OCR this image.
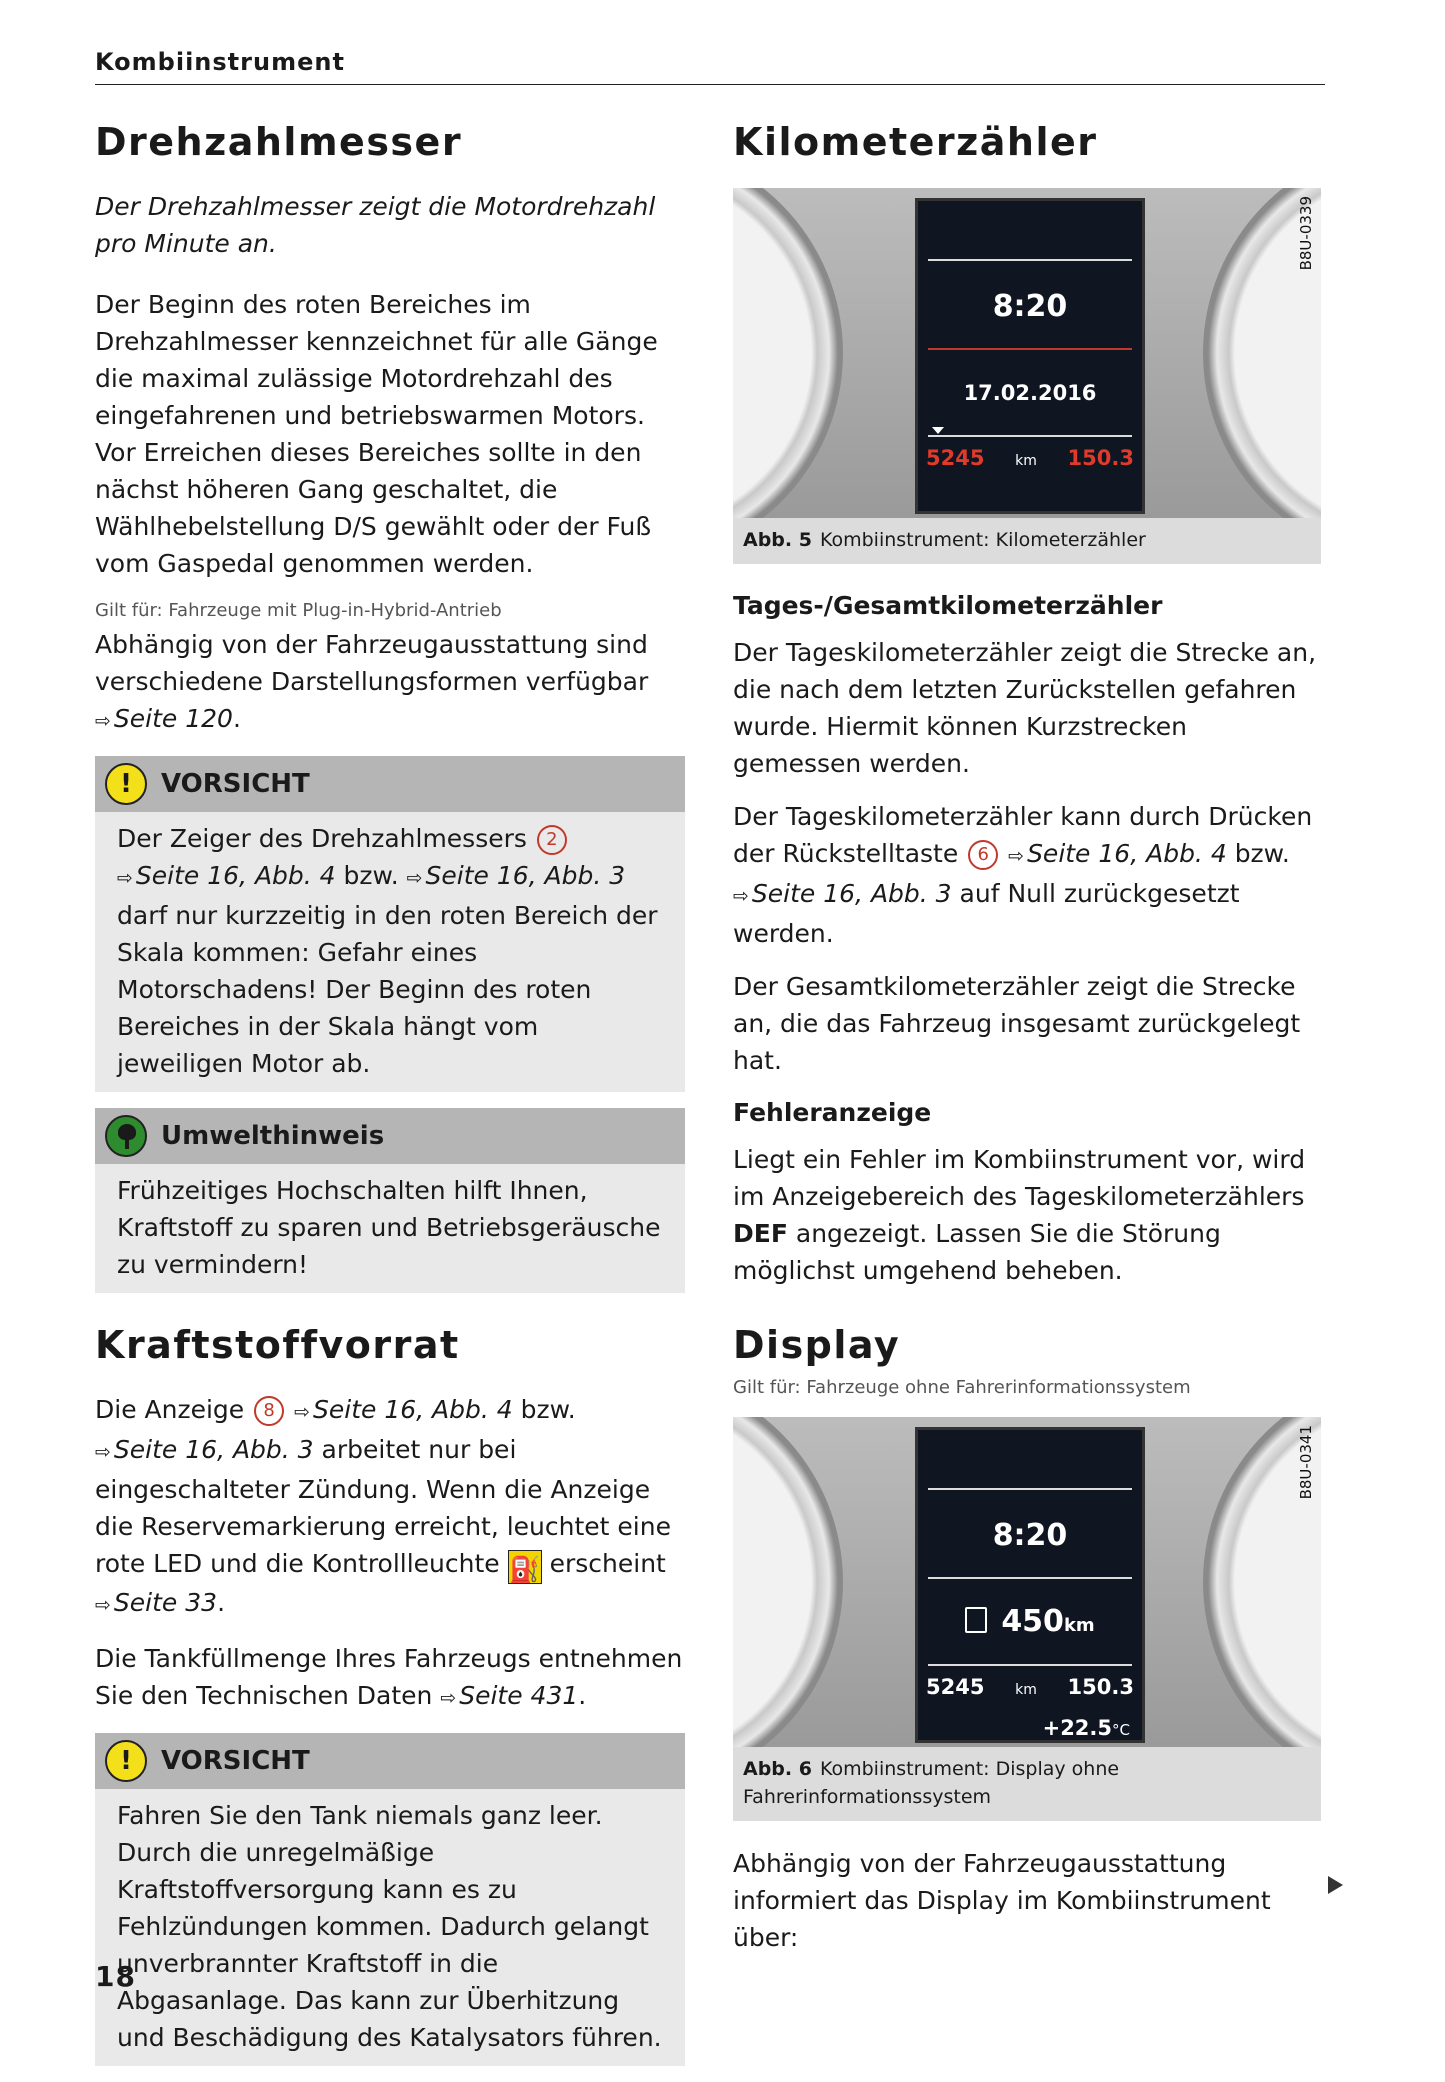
Kombiinstrument
Drehzahlmesser

Der Drehzahlmesser zeigt die Motordrehzahl pro Minute an.

Der Beginn des roten Bereiches im Drehzahlmesser kennzeichnet für alle Gänge die maximal zulässige Motordrehzahl des eingefahrenen und betriebswarmen Motors. Vor Erreichen dieses Bereiches sollte in den nächst höheren Gang geschaltet, die Wählhebelstellung D/S gewählt oder der Fuß vom Gaspedal genommen werden.

Gilt für: Fahrzeuge mit Plug-in-Hybrid-Antrieb

Abhängig von der Fahrzeugausstattung sind verschiedene Darstellungsformen verfügbar ⇨ Seite 120.

!	VORSICHT

Der Zeiger des Drehzahlmessers 2 ⇨ Seite 16, Abb. 4 bzw. ⇨ Seite 16, Abb. 3 darf nur kurzzeitig in den roten Bereich der Skala kommen: Gefahr eines Motorschadens! Der Beginn des roten Bereiches in der Skala hängt vom jeweiligen Motor ab.

Umwelthinweis

Frühzeitiges Hochschalten hilft Ihnen, Kraftstoff zu sparen und Betriebsgeräusche zu vermindern!

Kraftstoffvorrat

Die Anzeige 8 ⇨ Seite 16, Abb. 4 bzw. ⇨ Seite 16, Abb. 3 arbeitet nur bei eingeschalteter Zündung. Wenn die Anzeige die Reservemarkierung erreicht, leuchtet eine rote LED und die Kontrollleuchte ⛽ erscheint ⇨ Seite 33.

Die Tankfüllmenge Ihres Fahrzeugs entnehmen Sie den Technischen Daten ⇨ Seite 431.

!	VORSICHT

Fahren Sie den Tank niemals ganz leer. Durch die unregelmäßige Kraftstoffversorgung kann es zu Fehlzündungen kommen. Dadurch gelangt unverbrannter Kraftstoff in die Abgasanlage. Das kann zur Überhitzung und Beschädigung des Katalysators führen.

Kilometerzähler
8:20
17.02.2016
5245 km 150.3
B8U-0339
Abb. 5 Kombiinstrument: Kilometerzähler
Tages-/Gesamtkilometerzähler

Der Tageskilometerzähler zeigt die Strecke an, die nach dem letzten Zurückstellen gefahren wurde. Hiermit können Kurzstrecken gemessen werden.

Der Tageskilometerzähler kann durch Drücken der Rückstelltaste 6 ⇨ Seite 16, Abb. 4 bzw. ⇨ Seite 16, Abb. 3 auf Null zurückgesetzt werden.

Der Gesamtkilometerzähler zeigt die Strecke an, die das Fahrzeug insgesamt zurückgelegt hat.

Fehleranzeige

Liegt ein Fehler im Kombiinstrument vor, wird im Anzeigebereich des Tageskilometerzählers DEF angezeigt. Lassen Sie die Störung möglichst umgehend beheben.

Display
Gilt für: Fahrzeuge ohne Fahrerinformationssystem
8:20
450km
5245 km 150.3
+22.5°C
B8U-0341
Abb. 6 Kombiinstrument: Display ohne Fahrerinformationssystem

Abhängig von der Fahrzeugausstattung informiert das Display im Kombiinstrument über:

18
